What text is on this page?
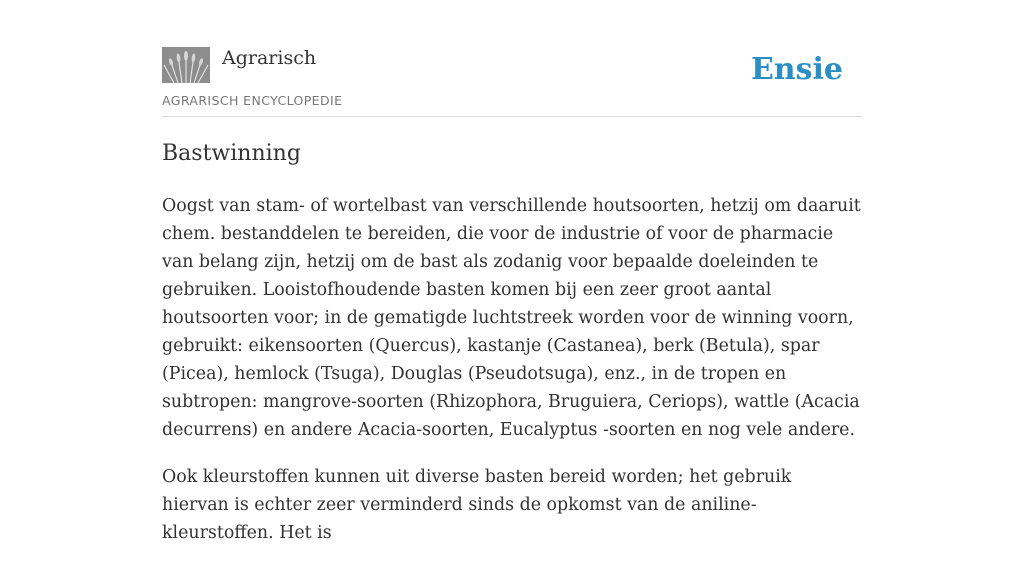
Agrarisch
AGRARISCH ENCYCLOPEDIE
Ensie
Bastwinning

Oogst van stam- of wortelbast van verschillende houtsoorten, hetzij om daaruit chem. bestanddelen te bereiden, die voor de industrie of voor de pharmacie van belang zijn, hetzij om de bast als zodanig voor bepaalde doeleinden te gebruiken. Looistofhoudende basten komen bij een zeer groot aantal houtsoorten voor; in de gematigde luchtstreek worden voor de winning voorn, gebruikt: eikensoorten (Quercus), kastanje (Castanea), berk (Betula), spar (Picea), hemlock (Tsuga), Douglas (Pseudotsuga), enz., in de tropen en subtropen: mangrove-soorten (Rhizophora, Bruguiera, Ceriops), wattle (Acacia decurrens) en andere Acacia-soorten, Eucalyptus -soorten en nog vele andere.

Ook kleurstoffen kunnen uit diverse basten bereid worden; het gebruik hiervan is echter zeer verminderd sinds de opkomst van de aniline-kleurstoffen. Het is
